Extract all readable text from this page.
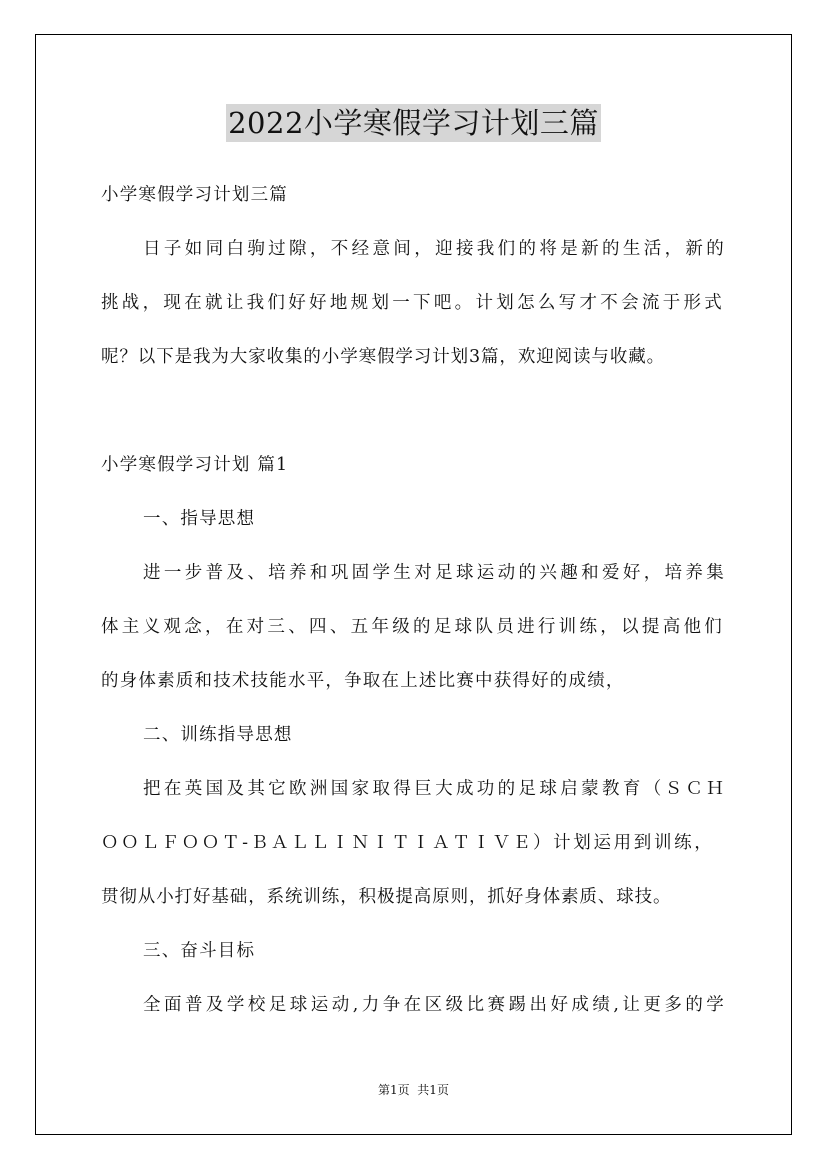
2022小学寒假学习计划三篇
小学寒假学习计划三篇
日子如同白驹过隙，不经意间，迎接我们的将是新的生活，新的
挑战，现在就让我们好好地规划一下吧。计划怎么写才不会流于形式
呢？以下是我为大家收集的小学寒假学习计划3篇，欢迎阅读与收藏。
小学寒假学习计划 篇1
一、指导思想
进一步普及、培养和巩固学生对足球运动的兴趣和爱好，培养集
体主义观念，在对三、四、五年级的足球队员进行训练，以提高他们
的身体素质和技术技能水平，争取在上述比赛中获得好的成绩，
二、训练指导思想
把在英国及其它欧洲国家取得巨大成功的足球启蒙教育（ＳＣＨ
ＯＯＬＦＯＯＴ-ＢＡＬＬＩＮＩＴＩＡＴＩＶＥ）计划运用到训练，
贯彻从小打好基础，系统训练，积极提高原则，抓好身体素质、球技。
三、奋斗目标
全面普及学校足球运动,力争在区级比赛踢出好成绩,让更多的学
第1页  共1页
